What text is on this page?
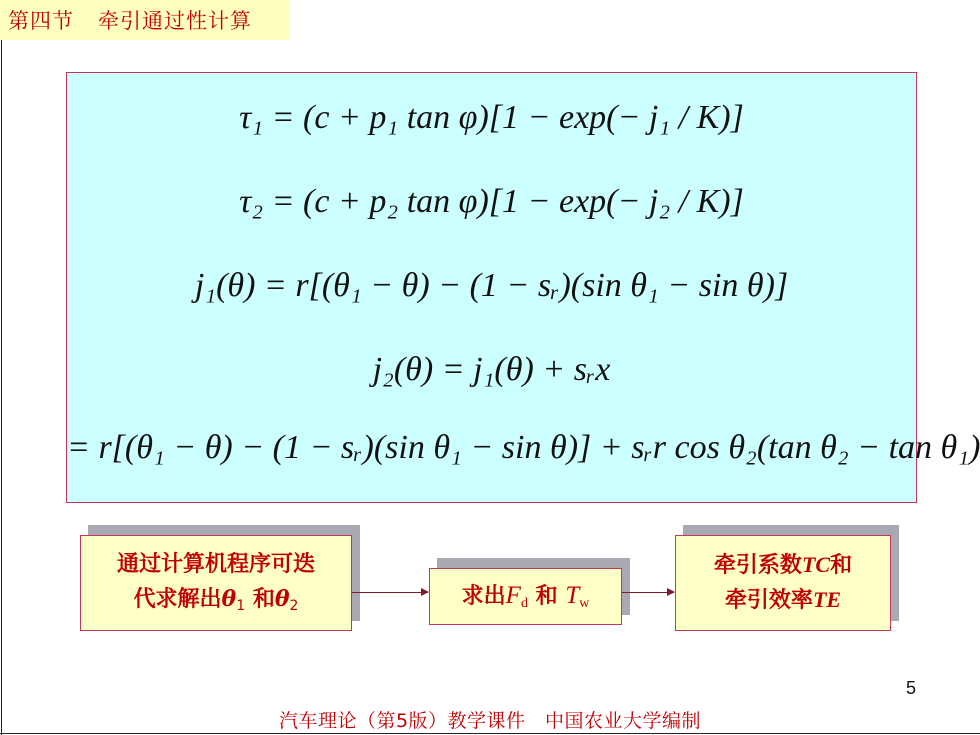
第四节 牵引通过性计算
τ₁ = (c + p₁ tan φ)[1 − exp(− j₁ / K)]
τ₂ = (c + p₂ tan φ)[1 − exp(− j₂ / K)]
j₁(θ) = r[(θ₁ − θ) − (1 − sᵣ)(sin θ₁ − sin θ)]
j₂(θ) = j₁(θ) + sᵣx
= r[(θ₁ − θ) − (1 − sᵣ)(sin θ₁ − sin θ)] + sᵣr cos θ₂(tan θ₂ − tan θ₁)
通过计算机程序可迭
代求解出$\theta_1$ 和$\theta_2$	求出$F_d$ 和 $T_w$
牵引系数TC和
牵引效率TE
5
汽车理论（第5版）教学课件　中国农业大学编制
